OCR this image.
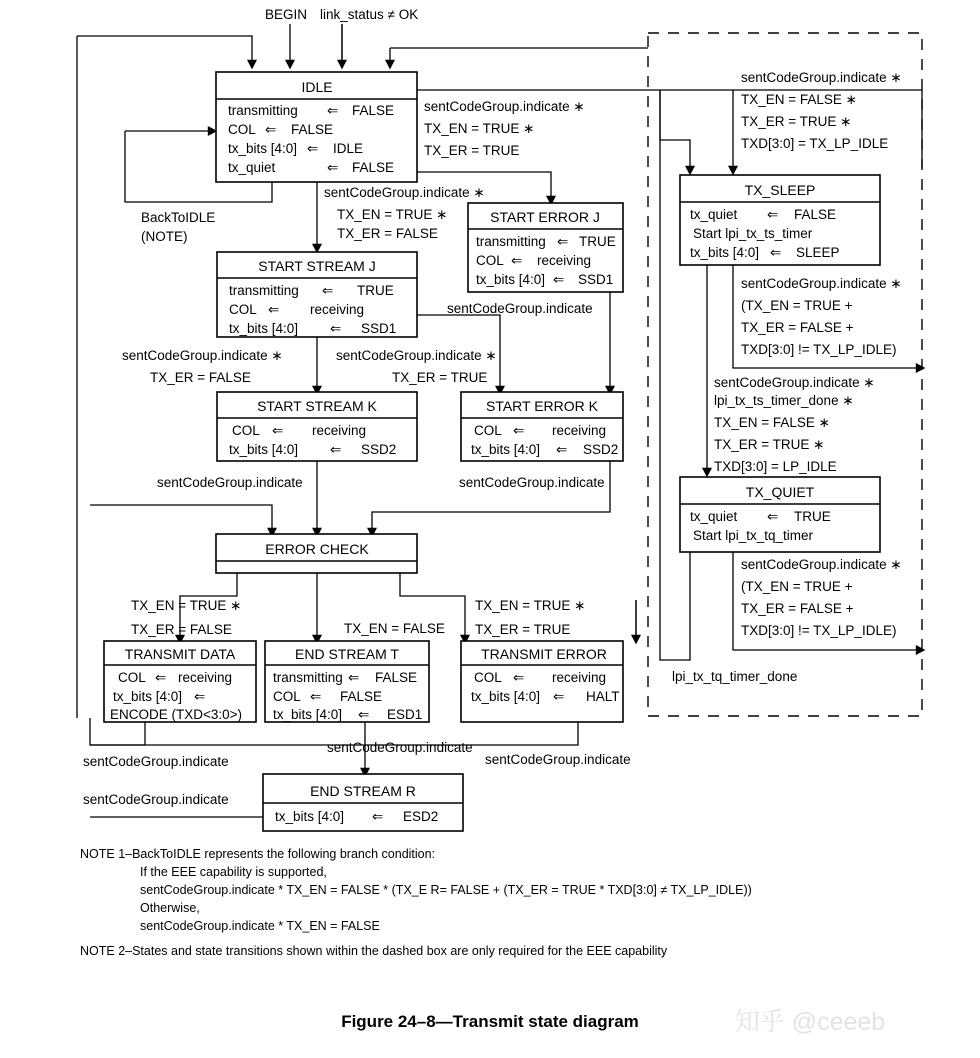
BEGIN link_status ≠ OK
IDLE
transmitting ⇐ FALSE
COL ⇐ FALSE
tx_bits [4:0] ⇐ IDLE
tx_quiet	⇐ FALSE
START ERROR J
transmitting ⇐ TRUE
COL ⇐ receiving
tx_bits [4:0] ⇐ SSD1
START STREAM J
transmitting ⇐ TRUE
COL ⇐ receiving
tx_bits [4:0] ⇐ SSD1
START STREAM K
COL ⇐ receiving
tx_bits [4:0] ⇐ SSD2
START ERROR K
COL ⇐ receiving
tx_bits [4:0] ⇐ SSD2
ERROR CHECK
TRANSMIT DATA
COL ⇐ receiving
tx_bits [4:0] ⇐
ENCODE (TXD<3:0>)
END STREAM T
transmitting ⇐ FALSE
COL ⇐ FALSE
tx_bits [4:0] ⇐ ESD1
TRANSMIT ERROR
COL ⇐ receiving
tx_bits [4:0] ⇐ HALT
END STREAM R
tx_bits [4:0] ⇐ ESD2
TX_SLEEP
tx_quiet ⇐ FALSE
Start lpi_tx_ts_timer
tx_bits [4:0] ⇐ SLEEP
TX_QUIET
tx_quiet ⇐ TRUE
Start lpi_tx_tq_timer
BackToIDLE
(NOTE)
sentCodeGroup.indicate ∗
TX_EN = TRUE ∗
TX_ER = TRUE
sentCodeGroup.indicate ∗
TX_EN = TRUE ∗
TX_ER = FALSE
sentCodeGroup.indicate ∗
TX_EN = FALSE ∗
TX_ER = TRUE ∗
TXD[3:0] = TX_LP_IDLE
sentCodeGroup.indicate
sentCodeGroup.indicate ∗
TX_ER = FALSE
sentCodeGroup.indicate ∗
TX_ER = TRUE
sentCodeGroup.indicate	sentCodeGroup.indicate
TX_EN = TRUE ∗
TX_ER = FALSE	TX_EN = FALSE
TX_EN = TRUE ∗
TX_ER = TRUE
sentCodeGroup.indicate
sentCodeGroup.indicate
sentCodeGroup.indicate
sentCodeGroup.indicate
sentCodeGroup.indicate ∗
(TX_EN = TRUE +
TX_ER = FALSE +
TXD[3:0] != TX_LP_IDLE)
sentCodeGroup.indicate ∗
lpi_tx_ts_timer_done ∗
TX_EN = FALSE ∗
TX_ER = TRUE ∗
TXD[3:0] = LP_IDLE
sentCodeGroup.indicate ∗
(TX_EN = TRUE +
TX_ER = FALSE +
TXD[3:0] != TX_LP_IDLE)
lpi_tx_tq_timer_done
NOTE 1–BackToIDLE represents the following branch condition:
If the EEE capability is supported,
sentCodeGroup.indicate * TX_EN = FALSE * (TX_E R= FALSE + (TX_ER = TRUE * TXD[3:0] ≠ TX_LP_IDLE))
Otherwise,
sentCodeGroup.indicate * TX_EN = FALSE
NOTE 2–States and state transitions shown within the dashed box are only required for the EEE capability
Figure 24–8—Transmit state diagram	知乎 @ceeeb
